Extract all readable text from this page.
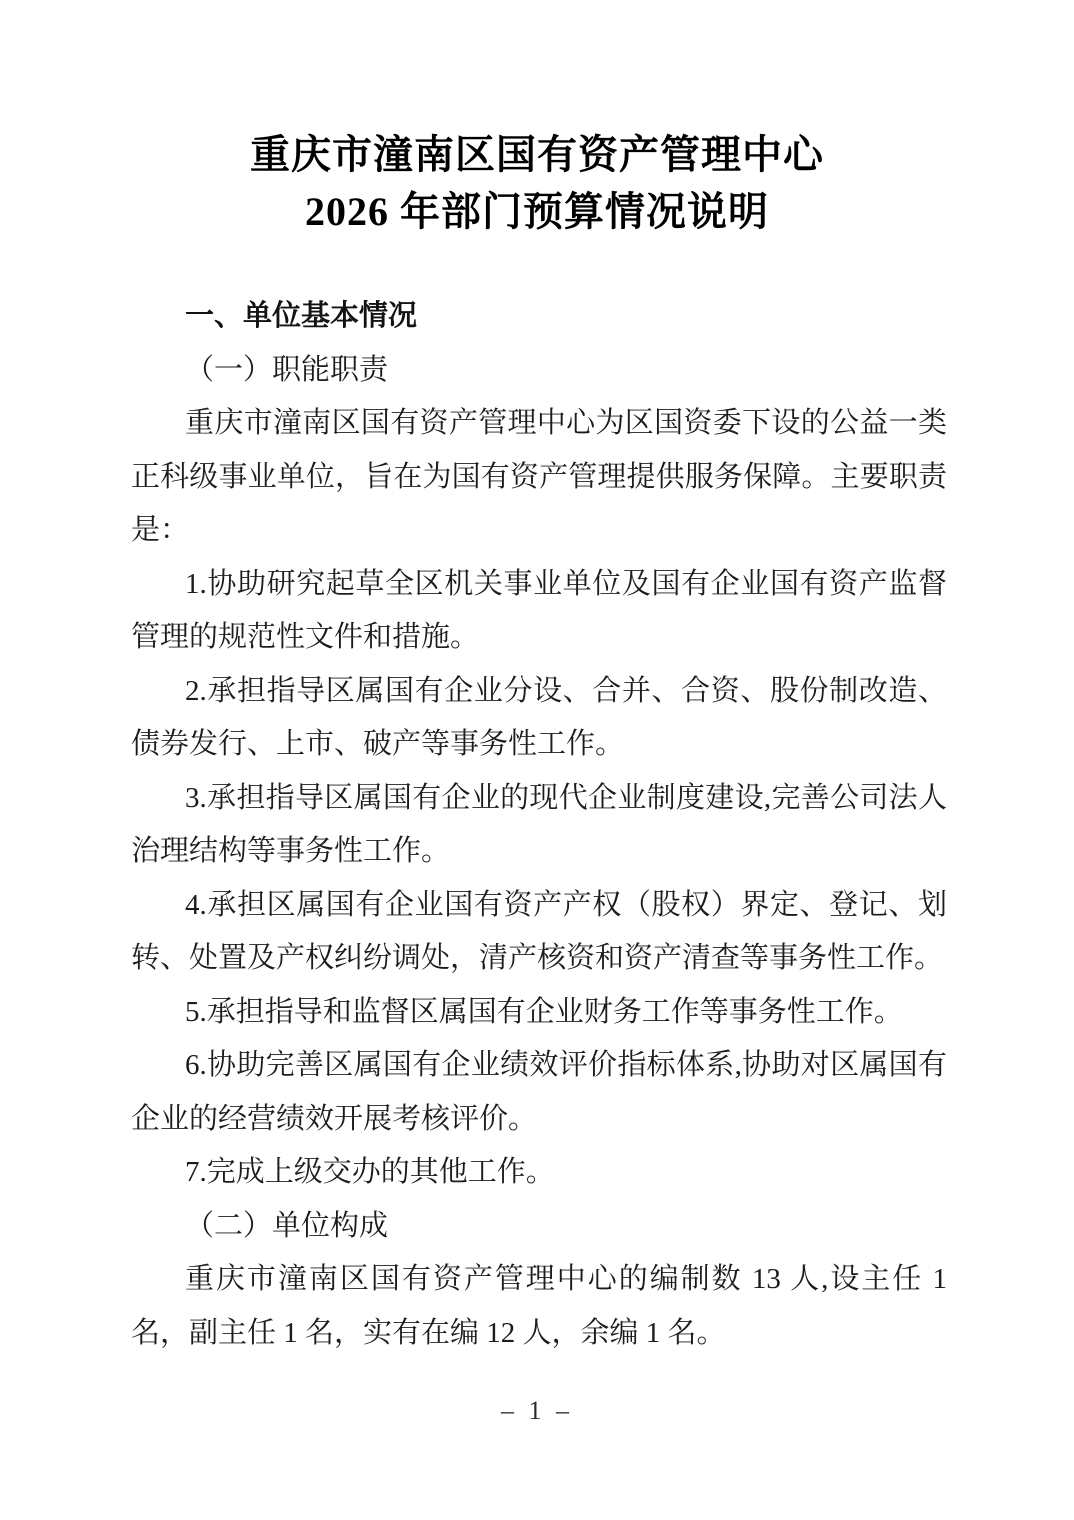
重庆市潼南区国有资产管理中心
2026 年部门预算情况说明
一、单位基本情况
（一）职能职责

重庆市潼南区国有资产管理中心为区国资委下设的公益一类正科级事业单位，旨在为国有资产管理提供服务保障。主要职责是：

1.协助研究起草全区机关事业单位及国有企业国有资产监督管理的规范性文件和措施。

2.承担指导区属国有企业分设、合并、合资、股份制改造、债券发行、上市、破产等事务性工作。

3.承担指导区属国有企业的现代企业制度建设,完善公司法人治理结构等事务性工作。

4.承担区属国有企业国有资产产权（股权）界定、登记、划转、处置及产权纠纷调处，清产核资和资产清查等事务性工作。

5.承担指导和监督区属国有企业财务工作等事务性工作。

6.协助完善区属国有企业绩效评价指标体系,协助对区属国有企业的经营绩效开展考核评价。

7.完成上级交办的其他工作。

（二）单位构成

重庆市潼南区国有资产管理中心的编制数 13 人,设主任 1 名，副主任 1 名，实有在编 12 人，余编 1 名。

– 1 –
